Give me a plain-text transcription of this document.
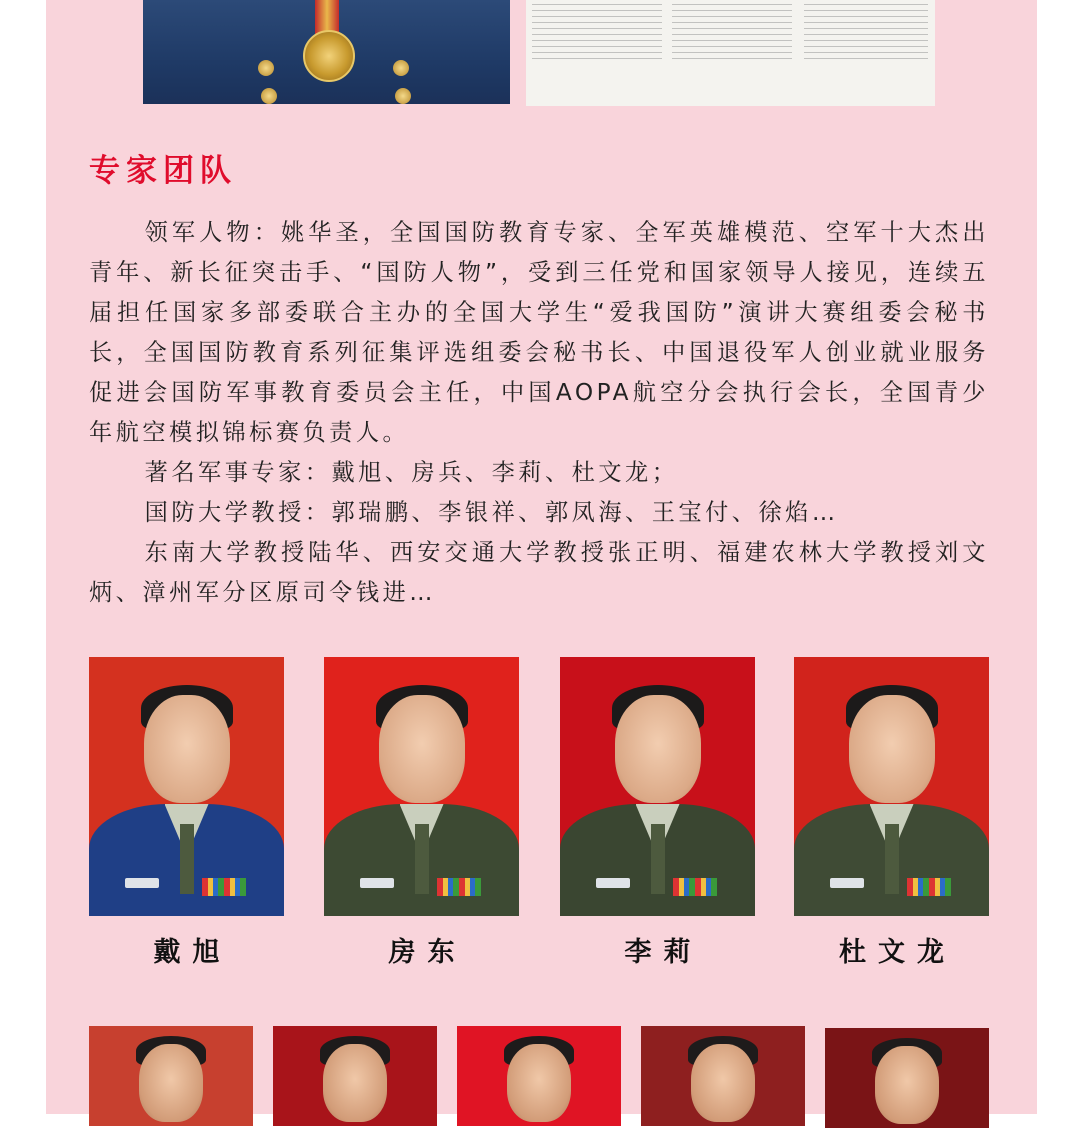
专家团队

领军人物：姚华圣，全国国防教育专家、全军英雄模范、空军十大杰出青年、新长征突击手、“国防人物”，受到三任党和国家领导人接见，连续五届担任国家多部委联合主办的全国大学生“爱我国防”演讲大赛组委会秘书长，全国国防教育系列征集评选组委会秘书长、中国退役军人创业就业服务促进会国防军事教育委员会主任，中国AOPA航空分会执行会长，全国青少年航空模拟锦标赛负责人。

著名军事专家：戴旭、房兵、李莉、杜文龙；

国防大学教授：郭瑞鹏、李银祥、郭凤海、王宝付、徐焰…

东南大学教授陆华、西安交通大学教授张正明、福建农林大学教授刘文炳、漳州军分区原司令钱进…

戴旭	房东	李莉	杜文龙
